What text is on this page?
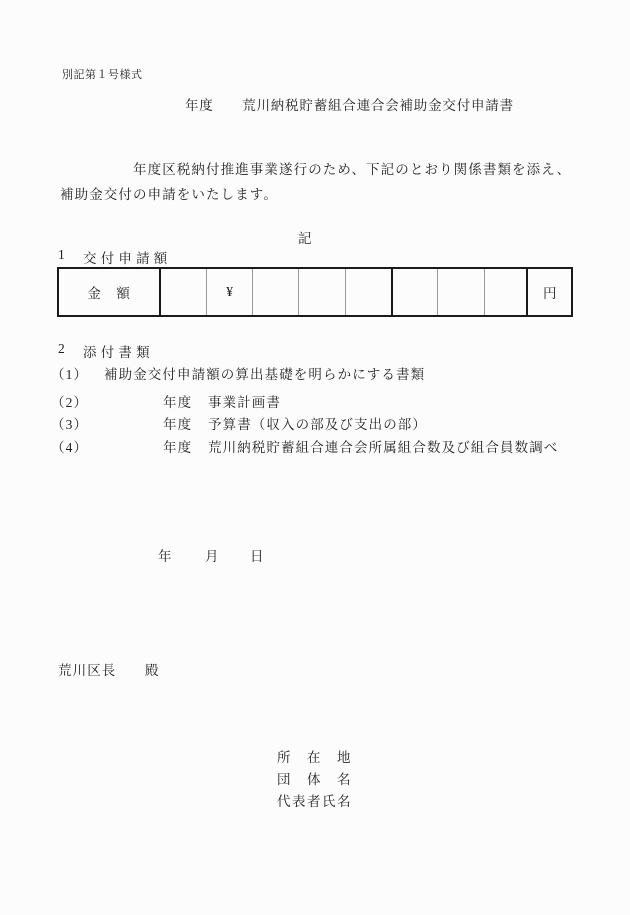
別記第１号様式
年度　　荒川納税貯蓄組合連合会補助金交付申請書
年度区税納付推進事業遂行のため、下記のとおり関係書類を添え、
補助金交付の申請をいたします。
記
1 交付申請額
金　額	¥	円
2 添付書類
（1） 補助金交付申請額の算出基礎を明らかにする書類
（2）	年度 事業計画書
（3）	年度 予算書（収入の部及び支出の部）
（4）	年度 荒川納税貯蓄組合連合会所属組合数及び組合員数調べ
年 月 日
荒川区長 殿
所　在　地
団　体　名
代表者氏名
